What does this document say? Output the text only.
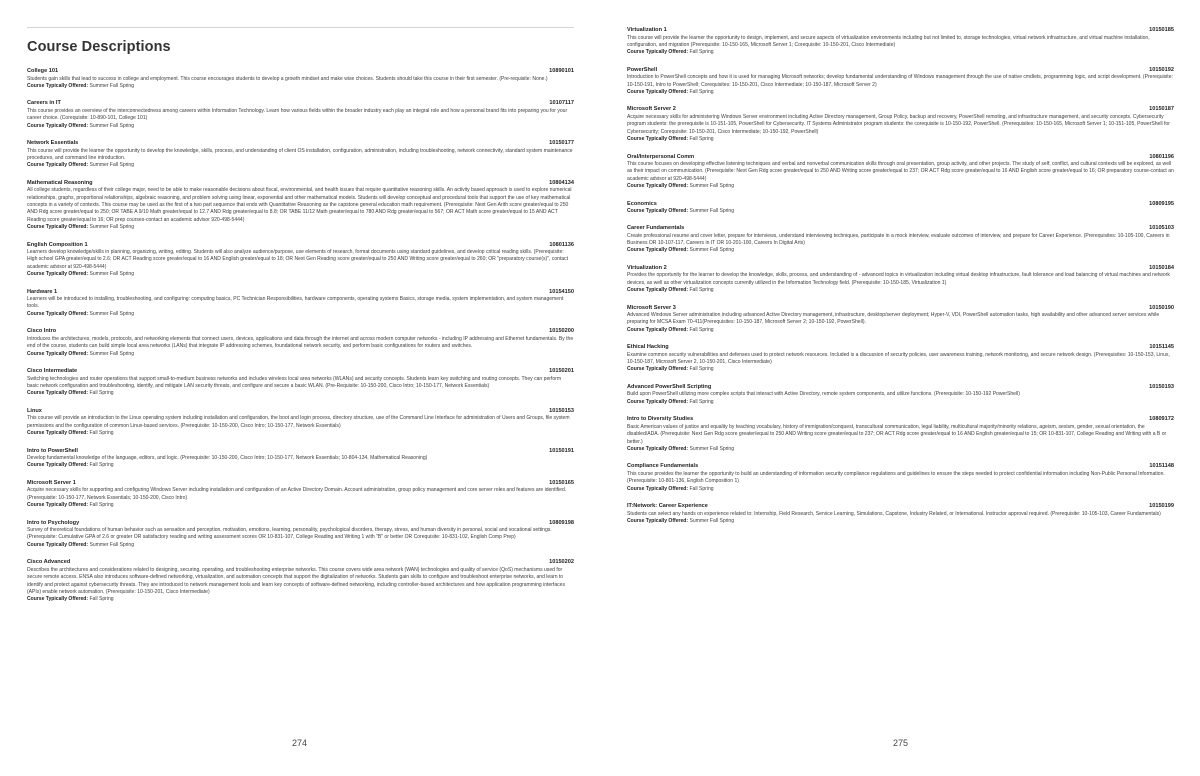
Course Descriptions
College 101	10890101
Students gain skills that lead to success in college and employment. This course encourages students to develop a growth mindset and make wise choices. Students should take this course in their first semester. (Pre-requisite: None.)
Course Typically Offered: Summer Fall Spring
Careers in IT	10107117
This course provides an overview of the interconnectedness among careers within Information Technology. Learn how various fields within the broader industry each play an integral role and how a personal brand fits into preparing you for your career choice. (Corequisite: 10-890-101, College 101)
Course Typically Offered: Summer Fall Spring
Network Essentials	10150177
This course will provide the learner the opportunity to develop the knowledge, skills, process, and understanding of client OS installation, configuration, administration, including troubleshooting, network connectivity, standard system maintenance procedures, and command line introduction.
Course Typically Offered: Summer Fall Spring
Mathematical Reasoning	10804134
All college students, regardless of their college major, need to be able to make reasonable decisions about fiscal, environmental, and health issues that require quantitative reasoning skills. An activity based approach is used to explore numerical relationships, graphs, proportional relationships, algebraic reasoning, and problem solving using linear, exponential and other mathematical models. Students will develop conceptual and procedural tools that support the use of key mathematical concepts in a variety of contexts. This course may be used as the first of a two part sequence that ends with Quantitative Reasoning as the capstone general education math requirement. (Prerequisite: Next Gen Arith score greater/equal to 250 AND Rdg score greater/equal to 250; OR TABE A 9/10 Math greater/equal to 12.7 AND Rdg greater/equal to 8.8; OR TABE 11/12 Math greater/equal to 780 AND Rdg greater/equal to 567; OR ACT Math score greater/equal to 15 AND ACT Reading score greater/equal to 16; OR prep courses-contact an academic advisor 920-498-5444)
Course Typically Offered: Summer Fall Spring
English Composition 1	10801136
Learners develop knowledge/skills in planning, organizing, writing, editing. Students will also analyze audience/purpose, use elements of research, format documents using standard guidelines, and develop critical reading skills. (Prerequisite: High school GPA greater/equal to 2.6; OR ACT Reading score greater/equal to 16 AND English greater/equal to 18; OR Next Gen Reading score greater/equal to 250 AND Writing score greater/equal to 260; OR "preparatory course(s)", contact academic advisor at 920-498-5444)
Course Typically Offered: Summer Fall Spring
Hardware 1	10154150
Learners will be introduced to installing, troubleshooting, and configuring: computing basics, PC Technician Responsibilities, hardware components, operating systems Basics, storage media, system implementation, and system management tools.
Course Typically Offered: Summer Fall Spring
Cisco Intro	10150200
Introduces the architectures, models, protocols, and networking elements that connect users, devices, applications and data through the internet and across modern computer networks - including IP addressing and Ethernet fundamentals. By the end of the course, students can build simple local area networks (LANs) that integrate IP addressing schemes, foundational network security, and perform basic configurations for routers and switches.
Course Typically Offered: Summer Fall Spring
Cisco Intermediate	10150201
Switching technologies and router operations that support small-to-medium business networks and includes wireless local area networks (WLANs) and security concepts. Students learn key switching and routing concepts. They can perform basic network configuration and troubleshooting, identify, and mitigate LAN security threats, and configure and secure a basic WLAN. (Pre-Requisite: 10-150-200, Cisco Intro; 10-150-177, Network Essentials)
Course Typically Offered: Fall Spring
Linux	10150153
This course will provide an introduction to the Linux operating system including installation and configuration, the boot and login process, directory structure, use of the Command Line Interface for administration of Users and Groups, file system permissions and the configuration of common Linux-based services. (Prerequisite: 10-150-200, Cisco Intro; 10-150-177, Network Essentials)
Course Typically Offered: Fall Spring
Intro to PowerShell	10150191
Develop fundamental knowledge of the language, editors, and logic. (Prerequisite: 10-150-200, Cisco Intro; 10-150-177, Network Essentials; 10-804-134, Mathematical Reasoning)
Course Typically Offered: Fall Spring
Microsoft Server 1	10150165
Acquire necessary skills for supporting and configuring Windows Server including installation and configuration of an Active Directory Domain. Account administration, group policy management and core server roles and features are identified. (Prerequisite: 10-150-177, Network Essentials; 10-150-200, Cisco Intro)
Course Typically Offered: Fall Spring
Intro to Psychology	10809198
Survey of theoretical foundations of human behavior such as sensation and perception, motivation, emotions, learning, personality, psychological disorders, therapy, stress, and human diversity in personal, social and vocational settings. (Prerequisite: Cumulative GPA of 2.6 or greater OR satisfactory reading and writing assessment scores OR 10-831-107, College Reading and Writing 1 with "B" or better OR Corequisite: 10-831-102, English Comp Prep)
Course Typically Offered: Summer Fall Spring
Cisco Advanced	10150202
Describes the architectures and considerations related to designing, securing, operating, and troubleshooting enterprise networks. This course covers wide area network (WAN) technologies and quality of service (QoS) mechanisms used for secure remote access. ENSA also introduces software-defined networking, virtualization, and automation concepts that support the digitalization of networks. Students gain skills to configure and troubleshoot enterprise networks, and learn to identify and protect against cybersecurity threats. They are introduced to network management tools and learn key concepts of software-defined networking, including controller-based architectures and how application programming interfaces (APIs) enable network automation. (Prerequisite: 10-150-201, Cisco Intermediate)
Course Typically Offered: Fall Spring
274
Virtualization 1	10150185
This course will provide the learner the opportunity to design, implement, and secure aspects of virtualization environments including but not limited to, storage technologies, virtual network infrastructure, and virtual machine installation, configuration, and migration (Prerequisite: 10-150-165, Microsoft Server 1; Corequisite: 10-150-201, Cisco Intermediate)
Course Typically Offered: Fall Spring
PowerShell	10150192
Introduction to PowerShell concepts and how it is used for managing Microsoft networks; develop fundamental understanding of Windows management through the use of native cmdlets, programming logic, and script development. (Prerequisite: 10-150-191, Intro to PowerShell; Corequisites: 10-150-201, Cisco Intermediate; 10-150-187, Microsoft Server 2)
Course Typically Offered: Fall Spring
Microsoft Server 2	10150187
Acquire necessary skills for administering Windows Server environment including Active Directory management, Group Policy, backup and recovery, PowerShell remoting, and infrastructure management, and security concepts. Cybersecurity program students: the prerequisite is 10-151-105, PowerShell for Cybersecurity. IT Systems Administrator program students: the corequisite is 10-150-192, PowerShell. (Prerequisites: 10-150-165, Microsoft Server 1; 10-151-105, PowerShell for Cybersecurity; Corequisite: 10-150-201, Cisco Intermediate; 10-150-192, PowerShell)
Course Typically Offered: Fall Spring
Oral/Interpersonal Comm	10801196
This course focuses on developing effective listening techniques and verbal and nonverbal communication skills through oral presentation, group activity, and other projects. The study of self, conflict, and cultural contexts will be explored, as well as their impact on communication. (Prerequisite: Next Gen Rdg score greater/equal to 250 AND Writing score greater/equal to 237; OR ACT Rdg score greater/equal to 16 AND English score greater/equal to 16; OR preparatory course-contact an academic advisor at 920-498-5444)
Course Typically Offered: Summer Fall Spring
Economics	10809195
Course Typically Offered: Summer Fall Spring
Career Fundamentals	10105103
Create professional resume and cover letter, prepare for interviews, understand interviewing techniques, participate in a mock interview, evaluate outcomes of interview, and prepare for Career Experience. (Prerequisites: 10-105-100, Careers in Business OR 10-107-117, Careers in IT OR 10-201-100, Careers In Digital Arts)
Course Typically Offered: Summer Fall Spring
Virtualization 2	10150184
Provides the opportunity for the learner to develop the knowledge, skills, process, and understanding of - advanced topics in virtualization including virtual desktop infrastructure, fault tolerance and load balancing of virtual machines and network devices, as well as other virtualization concepts currently utilized in the Information Technology field. (Prerequisite: 10-150-185, Virtualization 1)
Course Typically Offered: Fall Spring
Microsoft Server 3	10150190
Advanced Windows Server administration including advanced Active Directory management, infrastructure, desktop/server deployment; Hyper-V, VDI, PowerShell automation tasks, high availability and other advanced server services while preparing for MCSA Exam 70-411(Prerequisites: 10-150-187, Microsoft Server 2; 10-150-192, PowerShell).
Course Typically Offered: Fall Spring
Ethical Hacking	10151145
Examine common security vulnerabilities and defenses used to protect network resources. Included is a discussion of security policies, user awareness training, network monitoring, and secure network design. (Prerequisites: 10-150-153, Linux, 10-150-187, Microsoft Server 2, 10-150-201, Cisco Intermediate)
Course Typically Offered: Fall Spring
Advanced PowerShell Scripting	10150193
Build upon PowerShell utilizing more complex scripts that interact with Active Directory, remote system components, and utilize functions. (Prerequisite: 10-150-192 PowerShell)
Course Typically Offered: Fall Spring
Intro to Diversity Studies	10809172
Basic American values of justice and equality by teaching vocabulary, history of immigration/conquest, transcultural communication, legal liability, multicultural majority/minority relations, ageism, sexism, gender, sexual orientation, the disabled/ADA. (Prerequisite: Next Gen Rdg score greater/equal to 250 AND Writing score greater/equal to 237; OR ACT Rdg score greater/equal to 16 AND English greater/equal to 15; OR 10-831-107, College Reading and Writing with a B or better.)
Course Typically Offered: Summer Fall Spring
Compliance Fundamentals	10151148
This course provides the learner the opportunity to build an understanding of information security compliance regulations and guidelines to ensure the steps needed to protect confidential information including Non-Public Personal Information. (Prerequisite: 10-801-136, English Composition 1)
Course Typically Offered: Fall Spring
IT:Network: Career Experience	10150199
Students can select any hands on experience related to: Internship, Field Research, Service Learning, Simulations, Capstone, Industry Related, or International. Instructor approval required. (Prerequisite: 10-105-103, Career Fundamentals)
Course Typically Offered: Summer Fall Spring
275
